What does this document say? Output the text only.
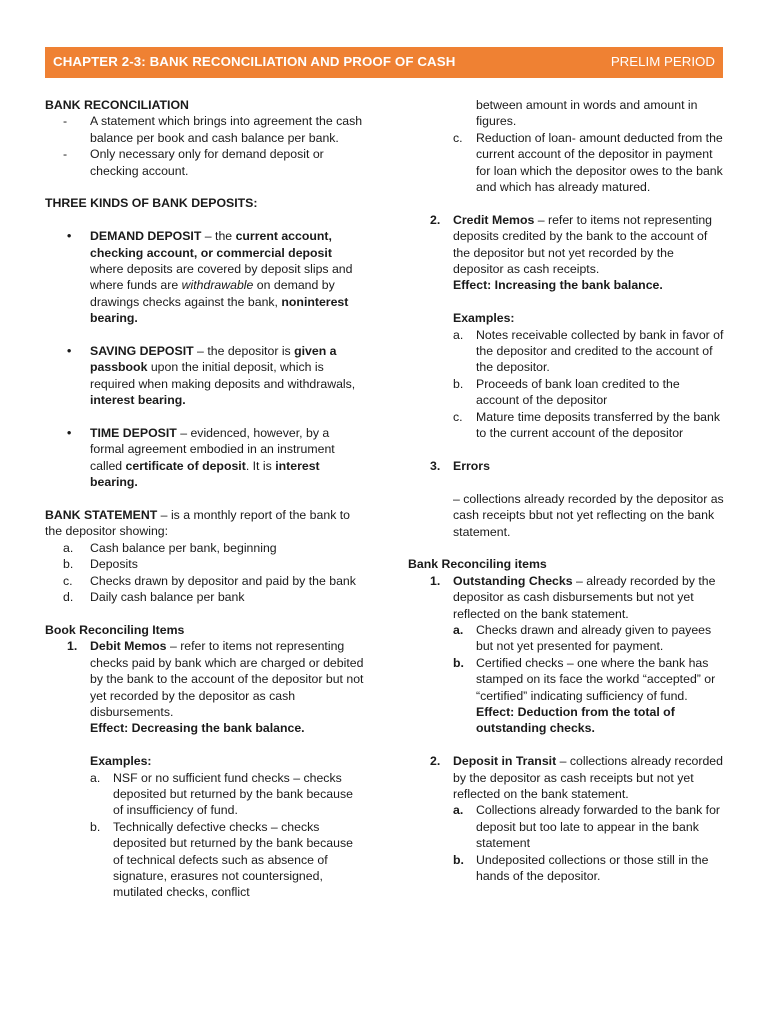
CHAPTER 2-3: BANK RECONCILIATION AND PROOF OF CASH	PRELIM PERIOD
BANK RECONCILIATION
-	A statement which brings into agreement the cash balance per book and cash balance per bank.
-	Only necessary only for demand deposit or checking account.
THREE KINDS OF BANK DEPOSITS:
•	DEMAND DEPOSIT – the current account, checking account, or commercial deposit where deposits are covered by deposit slips and where funds are withdrawable on demand by drawings checks against the bank, noninterest bearing.
•	SAVING DEPOSIT – the depositor is given a passbook upon the initial deposit, which is required when making deposits and withdrawals, interest bearing.
•	TIME DEPOSIT – evidenced, however, by a formal agreement embodied in an instrument called certificate of deposit. It is interest bearing.
BANK STATEMENT – is a monthly report of the bank to the depositor showing:
a.	Cash balance per bank, beginning
b.	Deposits
c.	Checks drawn by depositor and paid by the bank
d.	Daily cash balance per bank
Book Reconciling Items
1.	Debit Memos – refer to items not representing checks paid by bank which are charged or debited by the bank to the account of the depositor but not yet recorded by the depositor as cash disbursements.
Effect: Decreasing the bank balance.
Examples:
a.	NSF or no sufficient fund checks – checks deposited but returned by the bank because of insufficiency of fund.
b.	Technically defective checks – checks deposited but returned by the bank because of technical defects such as absence of signature, erasures not countersigned, mutilated checks, conflict
between amount in words and amount in figures.
c.	Reduction of loan- amount deducted from the current account of the depositor in payment for loan which the depositor owes to the bank and which has already matured.
2.	Credit Memos – refer to items not representing deposits credited by the bank to the account of the depositor but not yet recorded by the depositor as cash receipts.
Effect: Increasing the bank balance.
Examples:
a.	Notes receivable collected by bank in favor of the depositor and credited to the account of the depositor.
b.	Proceeds of bank loan credited to the account of the depositor
c.	Mature time deposits transferred by the bank to the current account of the depositor
3.	Errors
– collections already recorded by the depositor as cash receipts bbut not yet reflecting on the bank statement.
Bank Reconciling items
1.	Outstanding Checks – already recorded by the depositor as cash disbursements but not yet reflected on the bank statement.
a.	Checks drawn and already given to payees but not yet presented for payment.
b. Certified checks – one where the bank has stamped on its face the workd “accepted” or “certified” indicating sufficiency of fund.
Effect: Deduction from the total of outstanding checks.
2.	Deposit in Transit – collections already recorded by the depositor as cash receipts but not yet reflected on the bank statement.
a.	Collections already forwarded to the bank for deposit but too late to appear in the bank statement
b. Undeposited collections or those still in the hands of the depositor.
